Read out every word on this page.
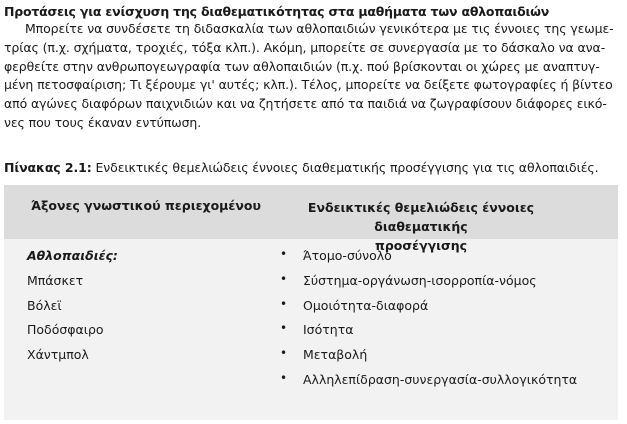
Προτάσεις για ενίσχυση της διαθεματικότητας στα μαθήματα των αθλοπαιδιών
Μπορείτε να συνδέσετε τη διδασκαλία των αθλοπαιδιών γενικότερα με τις έννοιες της γεωμε-
τρίας (π.χ. σχήματα, τροχιές, τόξα κλπ.). Ακόμη, μπορείτε σε συνεργασία με το δάσκαλο να ανα-
φερθείτε στην ανθρωπογεωγραφία των αθλοπαιδιών (π.χ. πού βρίσκονται οι χώρες με αναπτυγ-
μένη πετοσφαίριση; Τι ξέρουμε γι' αυτές; κλπ.). Τέλος, μπορείτε να δείξετε φωτογραφίες ή βίντεο
από αγώνες διαφόρων παιχνιδιών και να ζητήσετε από τα παιδιά να ζωγραφίσουν διάφορες εικό-
νες που τους έκαναν εντύπωση.
Πίνακας 2.1: Ενδεικτικές θεμελιώδεις έννοιες διαθεματικής προσέγγισης για τις αθλοπαιδιές.
Άξονες γνωστικού περιεχομένου	Ενδεικτικές θεμελιώδεις έννοιες διαθεματικής
προσέγγισης
Αθλοπαιδιές:
Μπάσκετ
Βόλεϊ
Ποδόσφαιρο
Χάντμπολ
• Άτομο-σύνολο
• Σύστημα-οργάνωση-ισορροπία-νόμος
• Ομοιότητα-διαφορά
• Ισότητα
• Μεταβολή
• Αλληλεπίδραση-συνεργασία-συλλογικότητα
